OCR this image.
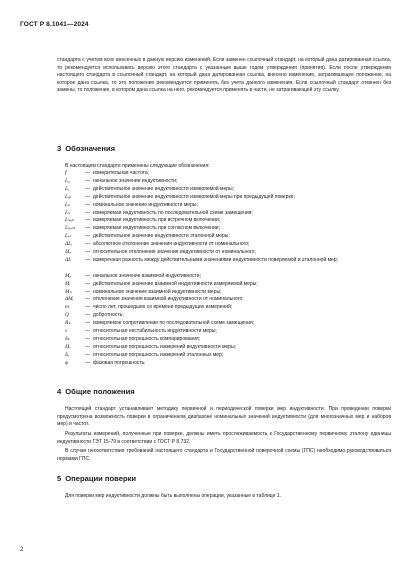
ГОСТ Р 8.1041—2024
стандарта с учетом всех внесенных в данную версию изменений. Если заменен ссылочный стандарт, на который дана датированная ссылка, то рекомендуется использовать версию этого стандарта с указанным выше годом утверждения (принятия). Если после утверждения настоящего стандарта в ссылочный стандарт, на который дана датированная ссылка, внесено изменение, затрагивающее положение, на которое дана ссылка, то это положение рекомендуется применять без учета данного изменения. Если ссылочный стандарт отменен без замены, то положение, в котором дана ссылка на него, рекомендуется применять в части, не затрагивающей эту ссылку.
3 Обозначения
В настоящем стандарте применены следующие обозначения:
f	— измерительная частота;
L₀	— начальное значение индуктивности;
Lᵢ	— действительное значение индуктивности измеряемой меры;
Lᵢₚ	— действительное значение индуктивности измеряемой меры при предыдущей поверке;
Lₙ	— номинальное значение индуктивности меры;
Lₛ	— измеряемая индуктивность по последовательной схеме замещения;
Lₛₒₚ — измеряемая индуктивность при встречном включении;
Lₛₒₙₜ — измеряемая индуктивность при согласном включении;
Lₑₜ	— действительное значение индуктивности эталонной меры;
ΔLᵢ	— абсолютное отклонение значения индуктивности от номинального;
δLᵢ	— относительное отклонение значения индуктивности от номинального;
ΔL	— измеренная разность между действительными значениями индуктивности поверяемой и эталонной мер;
M₀	— начальное значение взаимной индуктивности;
Mᵢ	— действительное значение взаимной индуктивности измеряемой меры;
Mₙ	— номинальное значение взаимной индуктивности меры;
ΔMᵢ — отклонение значения взаимной индуктивности от номинального;
m	— число лет, прошедших со времени предыдущих измерений;
Q	— добротность;
Rₛ	— измеряемое сопротивление по последовательной схеме замещения;
ν	— относительная нестабильность индуктивности меры;
δₖ	— относительная погрешность компарирования;
δL	— относительная погрешность измерений индуктивности меры;
δₒ	— относительная погрешность измерений эталонных мер;
φ	— фазовая погрешность.
4 Общие положения
Настоящий стандарт устанавливает методику первичной и периодической поверки мер индуктивности. При проведении поверки предусмотрена возможность поверки в ограниченном диапазоне номинальных значений индуктивности (для многозначных мер и наборов мер) и частот.
Результаты измерений, полученные при поверке, должны иметь прослеживаемость к Государственному первичному эталону единицы индуктивности ГЭТ 15-79 в соответствии с ГОСТ Р 8.732.
В случае несоответствия требований настоящего стандарта и Государственной поверочной схемы (ГПС) необходимо руководствоваться нормами ГПС.
5 Операции поверки
Для поверки мер индуктивности должны быть выполнены операции, указанные в таблице 1.
2
